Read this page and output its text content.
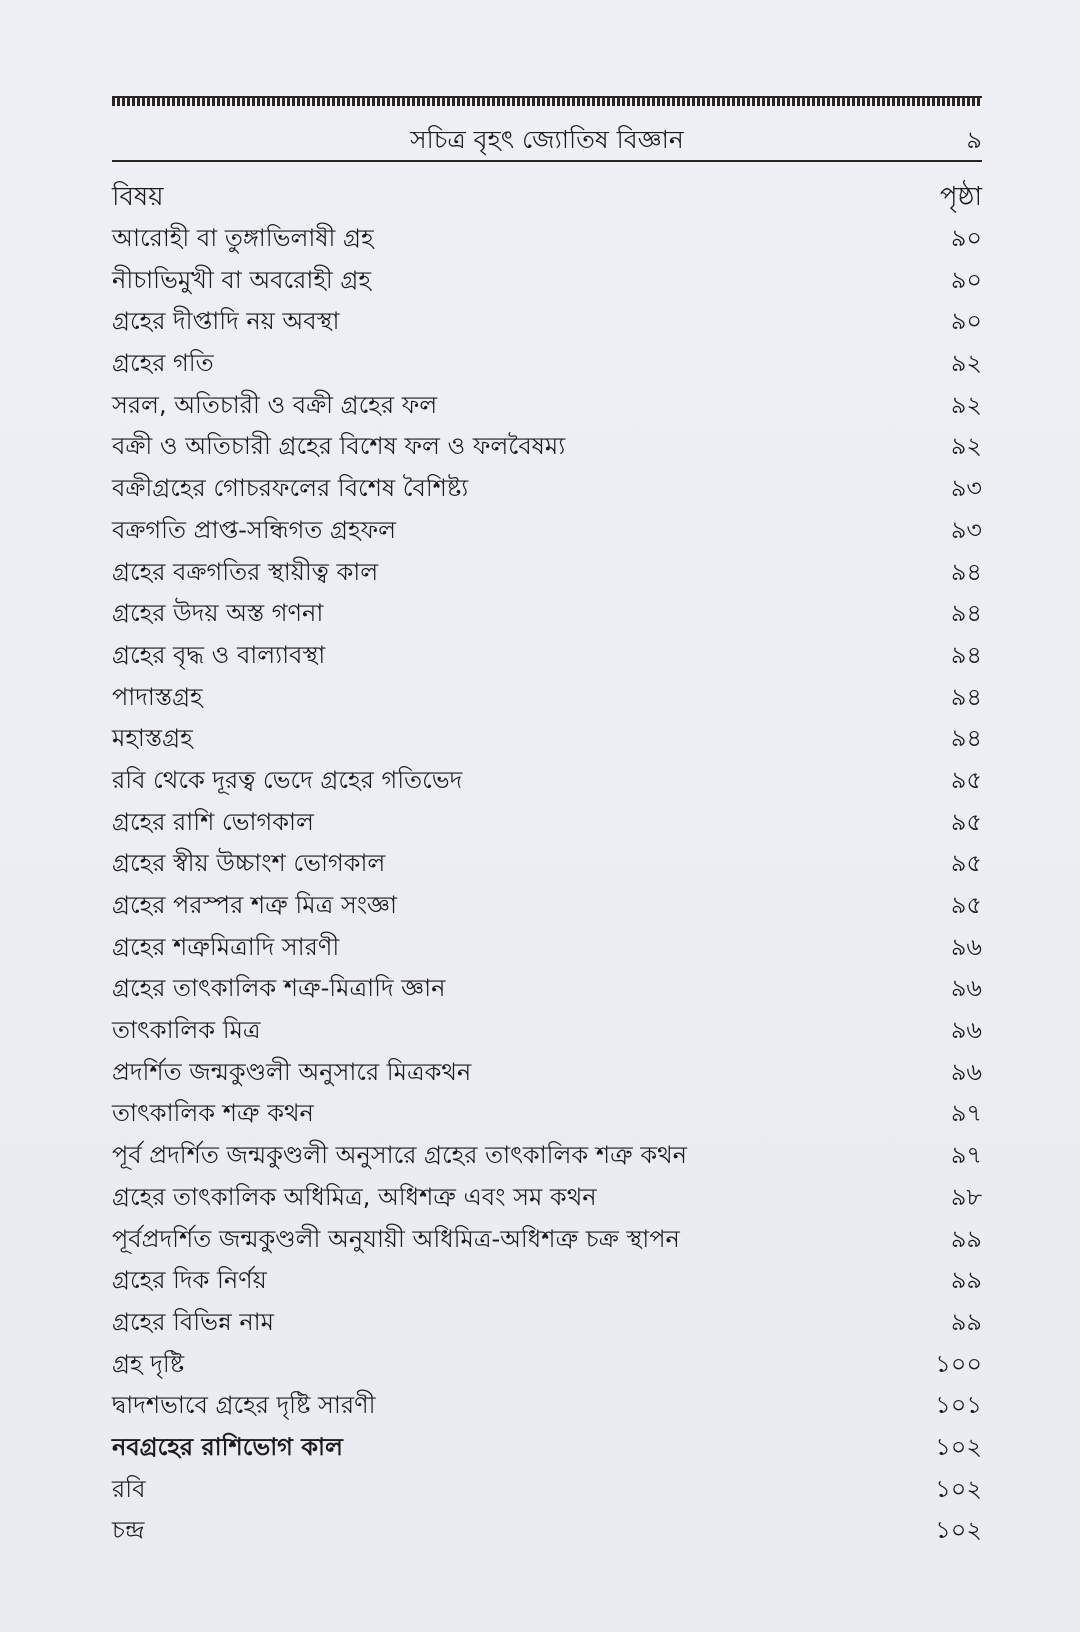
সচিত্র বৃহৎ জ্যোতিষ বিজ্ঞান	৯
বিষয়	পৃষ্ঠা
আরোহী বা তুঙ্গাভিলাষী গ্রহ	৯০
নীচাভিমুখী বা অবরোহী গ্রহ	৯০
গ্রহের দীপ্তাদি নয় অবস্থা	৯০
গ্রহের গতি	৯২
সরল, অতিচারী ও বক্রী গ্রহের ফল	৯২
বক্রী ও অতিচারী গ্রহের বিশেষ ফল ও ফলবৈষম্য	৯২
বক্রীগ্রহের গোচরফলের বিশেষ বৈশিষ্ট্য	৯৩
বক্রগতি প্রাপ্ত-সন্ধিগত গ্রহফল	৯৩
গ্রহের বক্রগতির স্থায়ীত্ব কাল	৯৪
গ্রহের উদয় অস্ত গণনা	৯৪
গ্রহের বৃদ্ধ ও বাল্যাবস্থা	৯৪
পাদাস্তগ্রহ	৯৪
মহাস্তগ্রহ	৯৪
রবি থেকে দূরত্ব ভেদে গ্রহের গতিভেদ	৯৫
গ্রহের রাশি ভোগকাল	৯৫
গ্রহের স্বীয় উচ্চাংশ ভোগকাল	৯৫
গ্রহের পরস্পর শত্রু মিত্র সংজ্ঞা	৯৫
গ্রহের শত্রুমিত্রাদি সারণী	৯৬
গ্রহের তাৎকালিক শত্রু-মিত্রাদি জ্ঞান	৯৬
তাৎকালিক মিত্র	৯৬
প্রদর্শিত জন্মকুণ্ডলী অনুসারে মিত্রকথন	৯৬
তাৎকালিক শত্রু কথন	৯৭
পূর্ব প্রদর্শিত জন্মকুণ্ডলী অনুসারে গ্রহের তাৎকালিক শত্রু কথন	৯৭
গ্রহের তাৎকালিক অধিমিত্র, অধিশত্রু এবং সম কথন	৯৮
পূর্বপ্রদর্শিত জন্মকুণ্ডলী অনুযায়ী অধিমিত্র-অধিশত্রু চক্র স্থাপন	৯৯
গ্রহের দিক নির্ণয়	৯৯
গ্রহের বিভিন্ন নাম	৯৯
গ্রহ দৃষ্টি	১০০
দ্বাদশভাবে গ্রহের দৃষ্টি সারণী	১০১
নবগ্রহের রাশিভোগ কাল	১০২
রবি	১০২
চন্দ্র	১০২
